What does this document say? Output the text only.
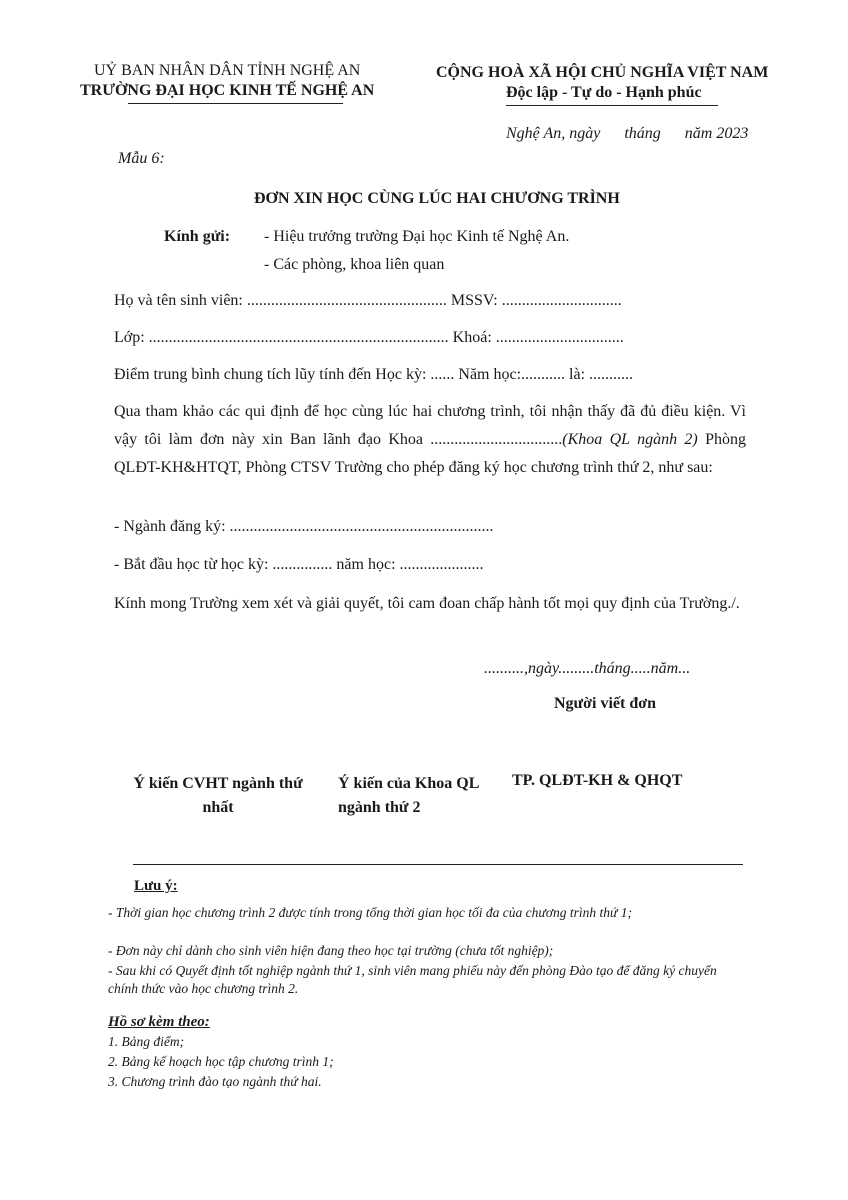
UỶ BAN NHÂN DÂN TỈNH NGHỆ AN
TRƯỜNG ĐẠI HỌC KINH TẾ NGHỆ AN
CỘNG HOÀ XÃ HỘI CHỦ NGHĨA VIỆT NAM
Độc lập - Tự do - Hạnh phúc
Nghệ An, ngày      tháng      năm 2023
Mẫu 6:
ĐƠN XIN HỌC CÙNG LÚC HAI CHƯƠNG TRÌNH
Kính gửi: - Hiệu trưởng trường Đại học Kinh tế Nghệ An.
- Các phòng, khoa liên quan
Họ và tên sinh viên: .................................................. MSSV: ..............................
Lớp: ........................................................................... Khoá: ................................
Điểm trung bình chung tích lũy tính đến Học kỳ: ...... Năm học:........... là: ...........
Qua tham khảo các qui định để học cùng lúc hai chương trình, tôi nhận thấy đã đủ điều kiện. Vì vậy tôi làm đơn này xin Ban lãnh đạo Khoa .................................(Khoa QL ngành 2) Phòng QLĐT-KH&HTQT, Phòng CTSV Trường cho phép đăng ký học chương trình thứ 2, như sau:
- Ngành đăng ký: ..................................................................
- Bắt đầu học từ học kỳ: ............... năm học: .....................
Kính mong Trường xem xét và giải quyết, tôi cam đoan chấp hành tốt mọi quy định của Trường./.
..........,ngày.........tháng.....năm...
Người viết đơn
Ý kiến CVHT ngành thứ nhất
Ý kiến của Khoa QL ngành thứ 2
TP. QLĐT-KH & QHQT
Lưu ý:
- Thời gian học chương trình 2 được tính trong tổng thời gian học tối đa của chương trình thứ 1;
- Đơn này chỉ dành cho sinh viên hiện đang theo học tại trường (chưa tốt nghiệp);
- Sau khi có Quyết định tốt nghiệp ngành thứ 1, sinh viên mang phiếu này đến phòng Đào tạo để đăng ký chuyển chính thức vào học chương trình 2.
Hồ sơ kèm theo:
1. Bảng điểm;
2. Bảng kế hoạch học tập chương trình 1;
3. Chương trình đào tạo ngành thứ hai.
